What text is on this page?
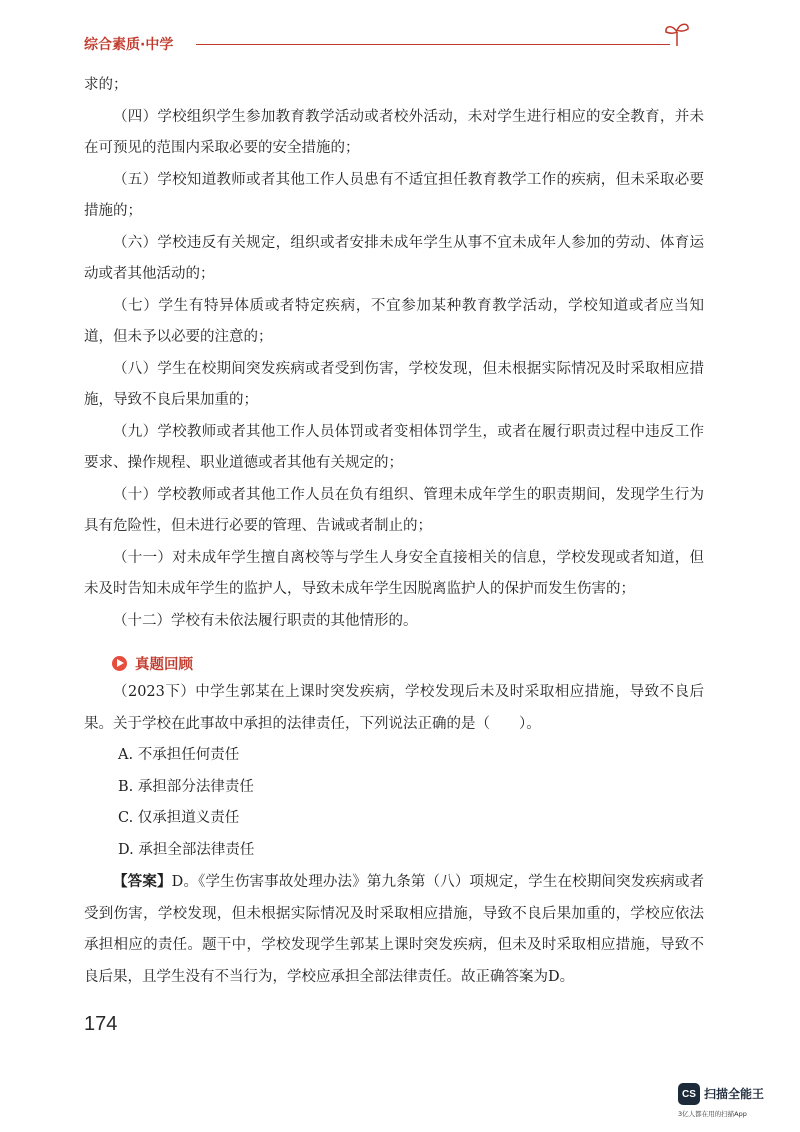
综合素质·中学

求的；

（四）学校组织学生参加教育教学活动或者校外活动，未对学生进行相应的安全教育，并未在可预见的范围内采取必要的安全措施的；

（五）学校知道教师或者其他工作人员患有不适宜担任教育教学工作的疾病，但未采取必要措施的；

（六）学校违反有关规定，组织或者安排未成年学生从事不宜未成年人参加的劳动、体育运动或者其他活动的；

（七）学生有特异体质或者特定疾病，不宜参加某种教育教学活动，学校知道或者应当知道，但未予以必要的注意的；

（八）学生在校期间突发疾病或者受到伤害，学校发现，但未根据实际情况及时采取相应措施，导致不良后果加重的；

（九）学校教师或者其他工作人员体罚或者变相体罚学生，或者在履行职责过程中违反工作要求、操作规程、职业道德或者其他有关规定的；

（十）学校教师或者其他工作人员在负有组织、管理未成年学生的职责期间，发现学生行为具有危险性，但未进行必要的管理、告诫或者制止的；

（十一）对未成年学生擅自离校等与学生人身安全直接相关的信息，学校发现或者知道，但未及时告知未成年学生的监护人，导致未成年学生因脱离监护人的保护而发生伤害的；

（十二）学校有未依法履行职责的其他情形的。

真题回顾

（2023下）中学生郭某在上课时突发疾病，学校发现后未及时采取相应措施，导致不良后果。关于学校在此事故中承担的法律责任，下列说法正确的是（　　）。

A. 不承担任何责任

B. 承担部分法律责任

C. 仅承担道义责任

D. 承担全部法律责任

【答案】D。《学生伤害事故处理办法》第九条第（八）项规定，学生在校期间突发疾病或者受到伤害，学校发现，但未根据实际情况及时采取相应措施，导致不良后果加重的，学校应依法承担相应的责任。题干中，学校发现学生郭某上课时突发疾病，但未及时采取相应措施，导致不良后果，且学生没有不当行为，学校应承担全部法律责任。故正确答案为D。

174
CS 扫描全能王
3亿人都在用的扫描App
